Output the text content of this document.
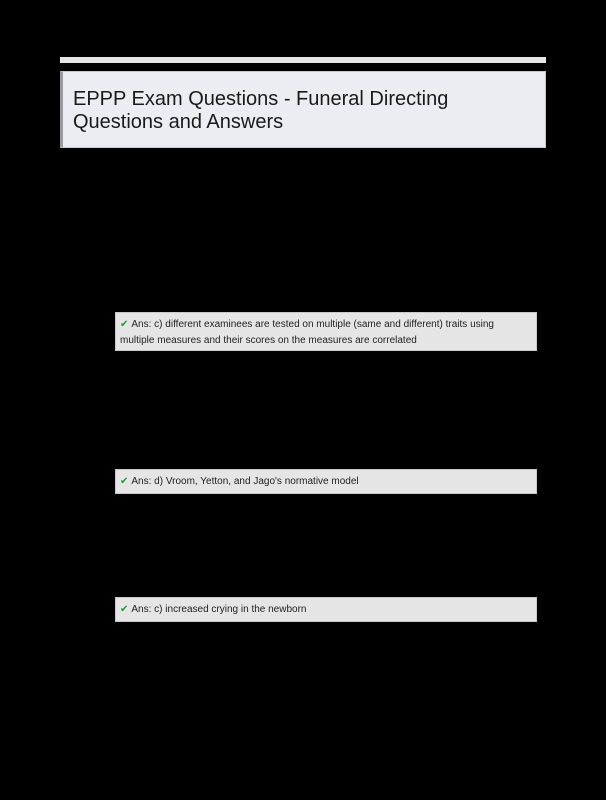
EPPP Exam Questions - Funeral Directing Questions and Answers
✔ Ans: c) different examinees are tested on multiple (same and different) traits using multiple measures and their scores on the measures are correlated
✔ Ans: d) Vroom, Yetton, and Jago's normative model
✔ Ans: c) increased crying in the newborn
